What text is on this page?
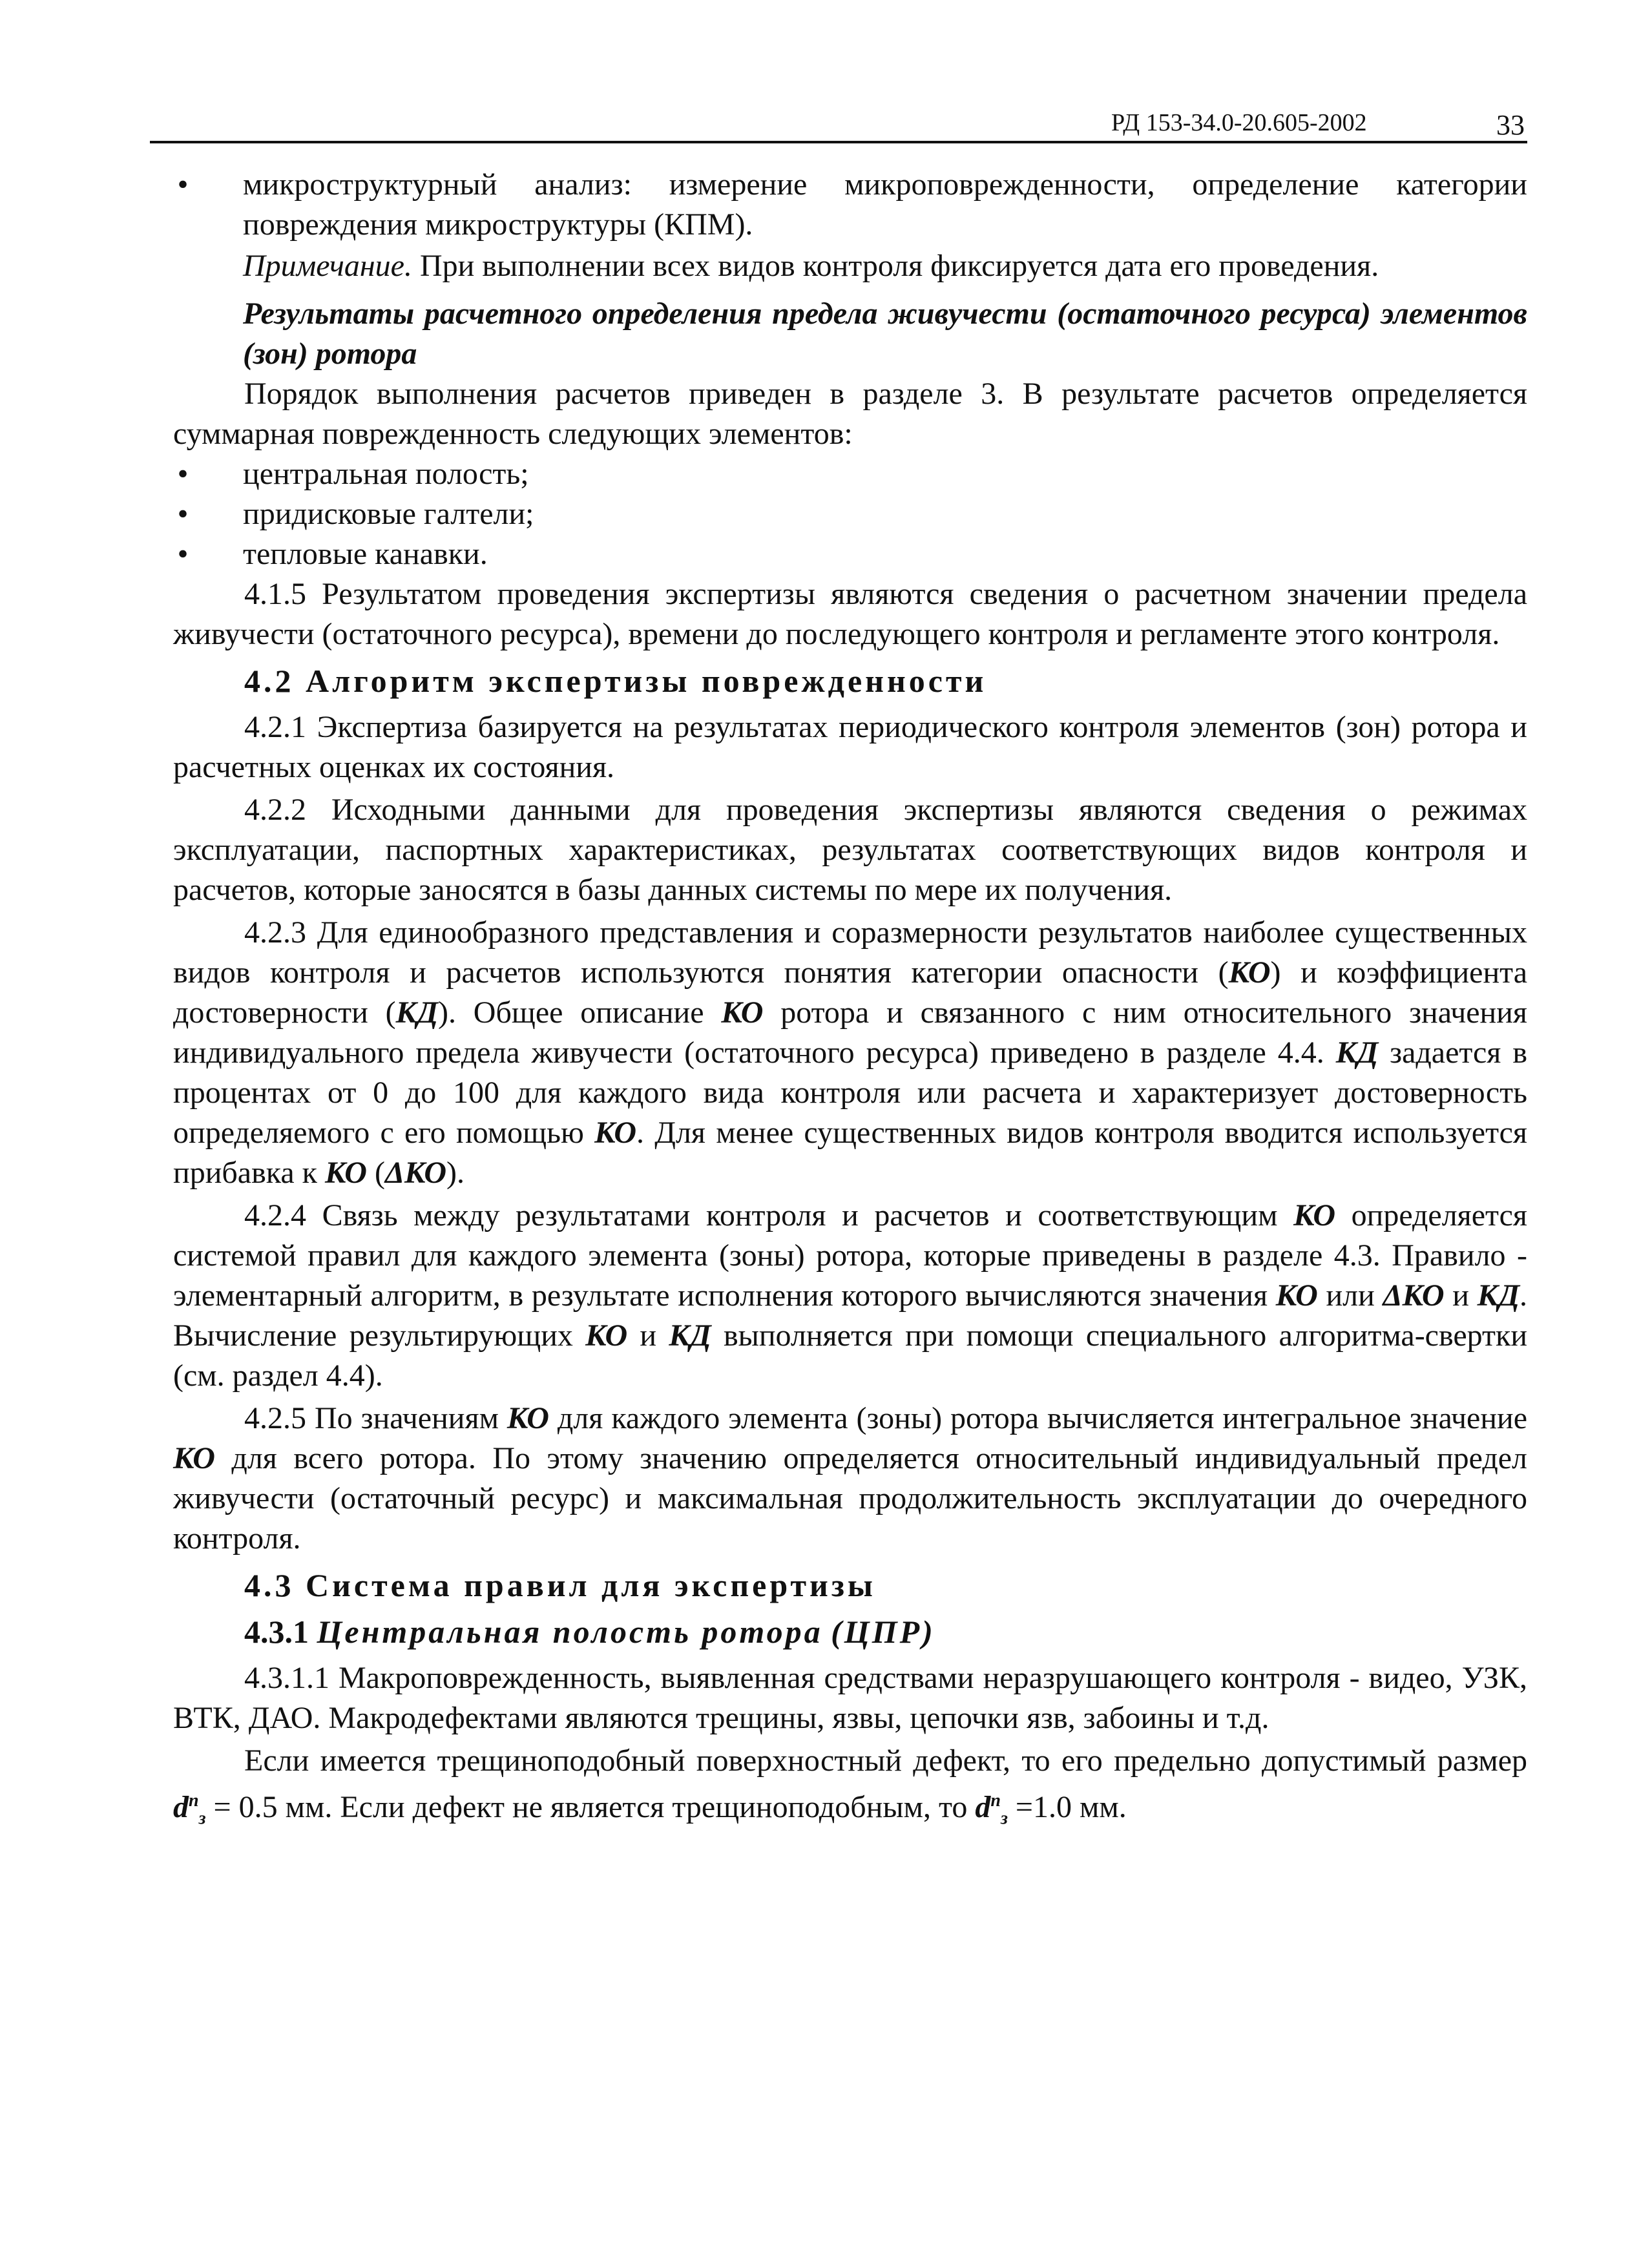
РД 153-34.0-20.605-2002	33

• микроструктурный анализ: измерение микроповрежденности, определение категории повреждения микроструктуры (КПМ).

Примечание. При выполнении всех видов контроля фиксируется дата его проведения.

Результаты расчетного определения предела живучести (остаточного ресурса) элементов (зон) ротора

Порядок выполнения расчетов приведен в разделе 3. В результате расчетов определяется суммарная поврежденность следующих элементов:

• центральная полость;

• придисковые галтели;

• тепловые канавки.

4.1.5 Результатом проведения экспертизы являются сведения о расчетном значении предела живучести (остаточного ресурса), времени до последующего контроля и регламенте этого контроля.

4.2 Алгоритм экспертизы поврежденности

4.2.1 Экспертиза базируется на результатах периодического контроля элементов (зон) ротора и расчетных оценках их состояния.

4.2.2 Исходными данными для проведения экспертизы являются сведения о режимах эксплуатации, паспортных характеристиках, результатах соответствующих видов контроля и расчетов, которые заносятся в базы данных системы по мере их получения.

4.2.3 Для единообразного представления и соразмерности результатов наиболее существенных видов контроля и расчетов используются понятия категории опасности (КО) и коэффициента достоверности (КД). Общее описание КО ротора и связанного с ним относительного значения индивидуального предела живучести (остаточного ресурса) приведено в разделе 4.4. КД задается в процентах от 0 до 100 для каждого вида контроля или расчета и характеризует достоверность определяемого с его помощью КО. Для менее существенных видов контроля вводится используется прибавка к КО (ΔКО).

4.2.4 Связь между результатами контроля и расчетов и соответствующим КО определяется системой правил для каждого элемента (зоны) ротора, которые приведены в разделе 4.3. Правило - элементарный алгоритм, в результате исполнения которого вычисляются значения КО или ΔКО и КД. Вычисление результирующих КО и КД выполняется при помощи специального алгоритма-свертки (см. раздел 4.4).

4.2.5 По значениям КО для каждого элемента (зоны) ротора вычисляется интегральное значение КО для всего ротора. По этому значению определяется относительный индивидуальный предел живучести (остаточный ресурс) и максимальная продолжительность эксплуатации до очередного контроля.

4.3 Система правил для экспертизы

4.3.1 Центральная полость ротора (ЦПР)

4.3.1.1 Макроповрежденность, выявленная средствами неразрушающего контроля - видео, УЗК, ВТК, ДАО. Макродефектами являются трещины, язвы, цепочки язв, забоины и т.д.

Если имеется трещиноподобный поверхностный дефект, то его предельно допустимый размер $d^п_з = 0.5$ мм. Если дефект не является трещиноподобным, то $d^п_з =1.0$ мм.
